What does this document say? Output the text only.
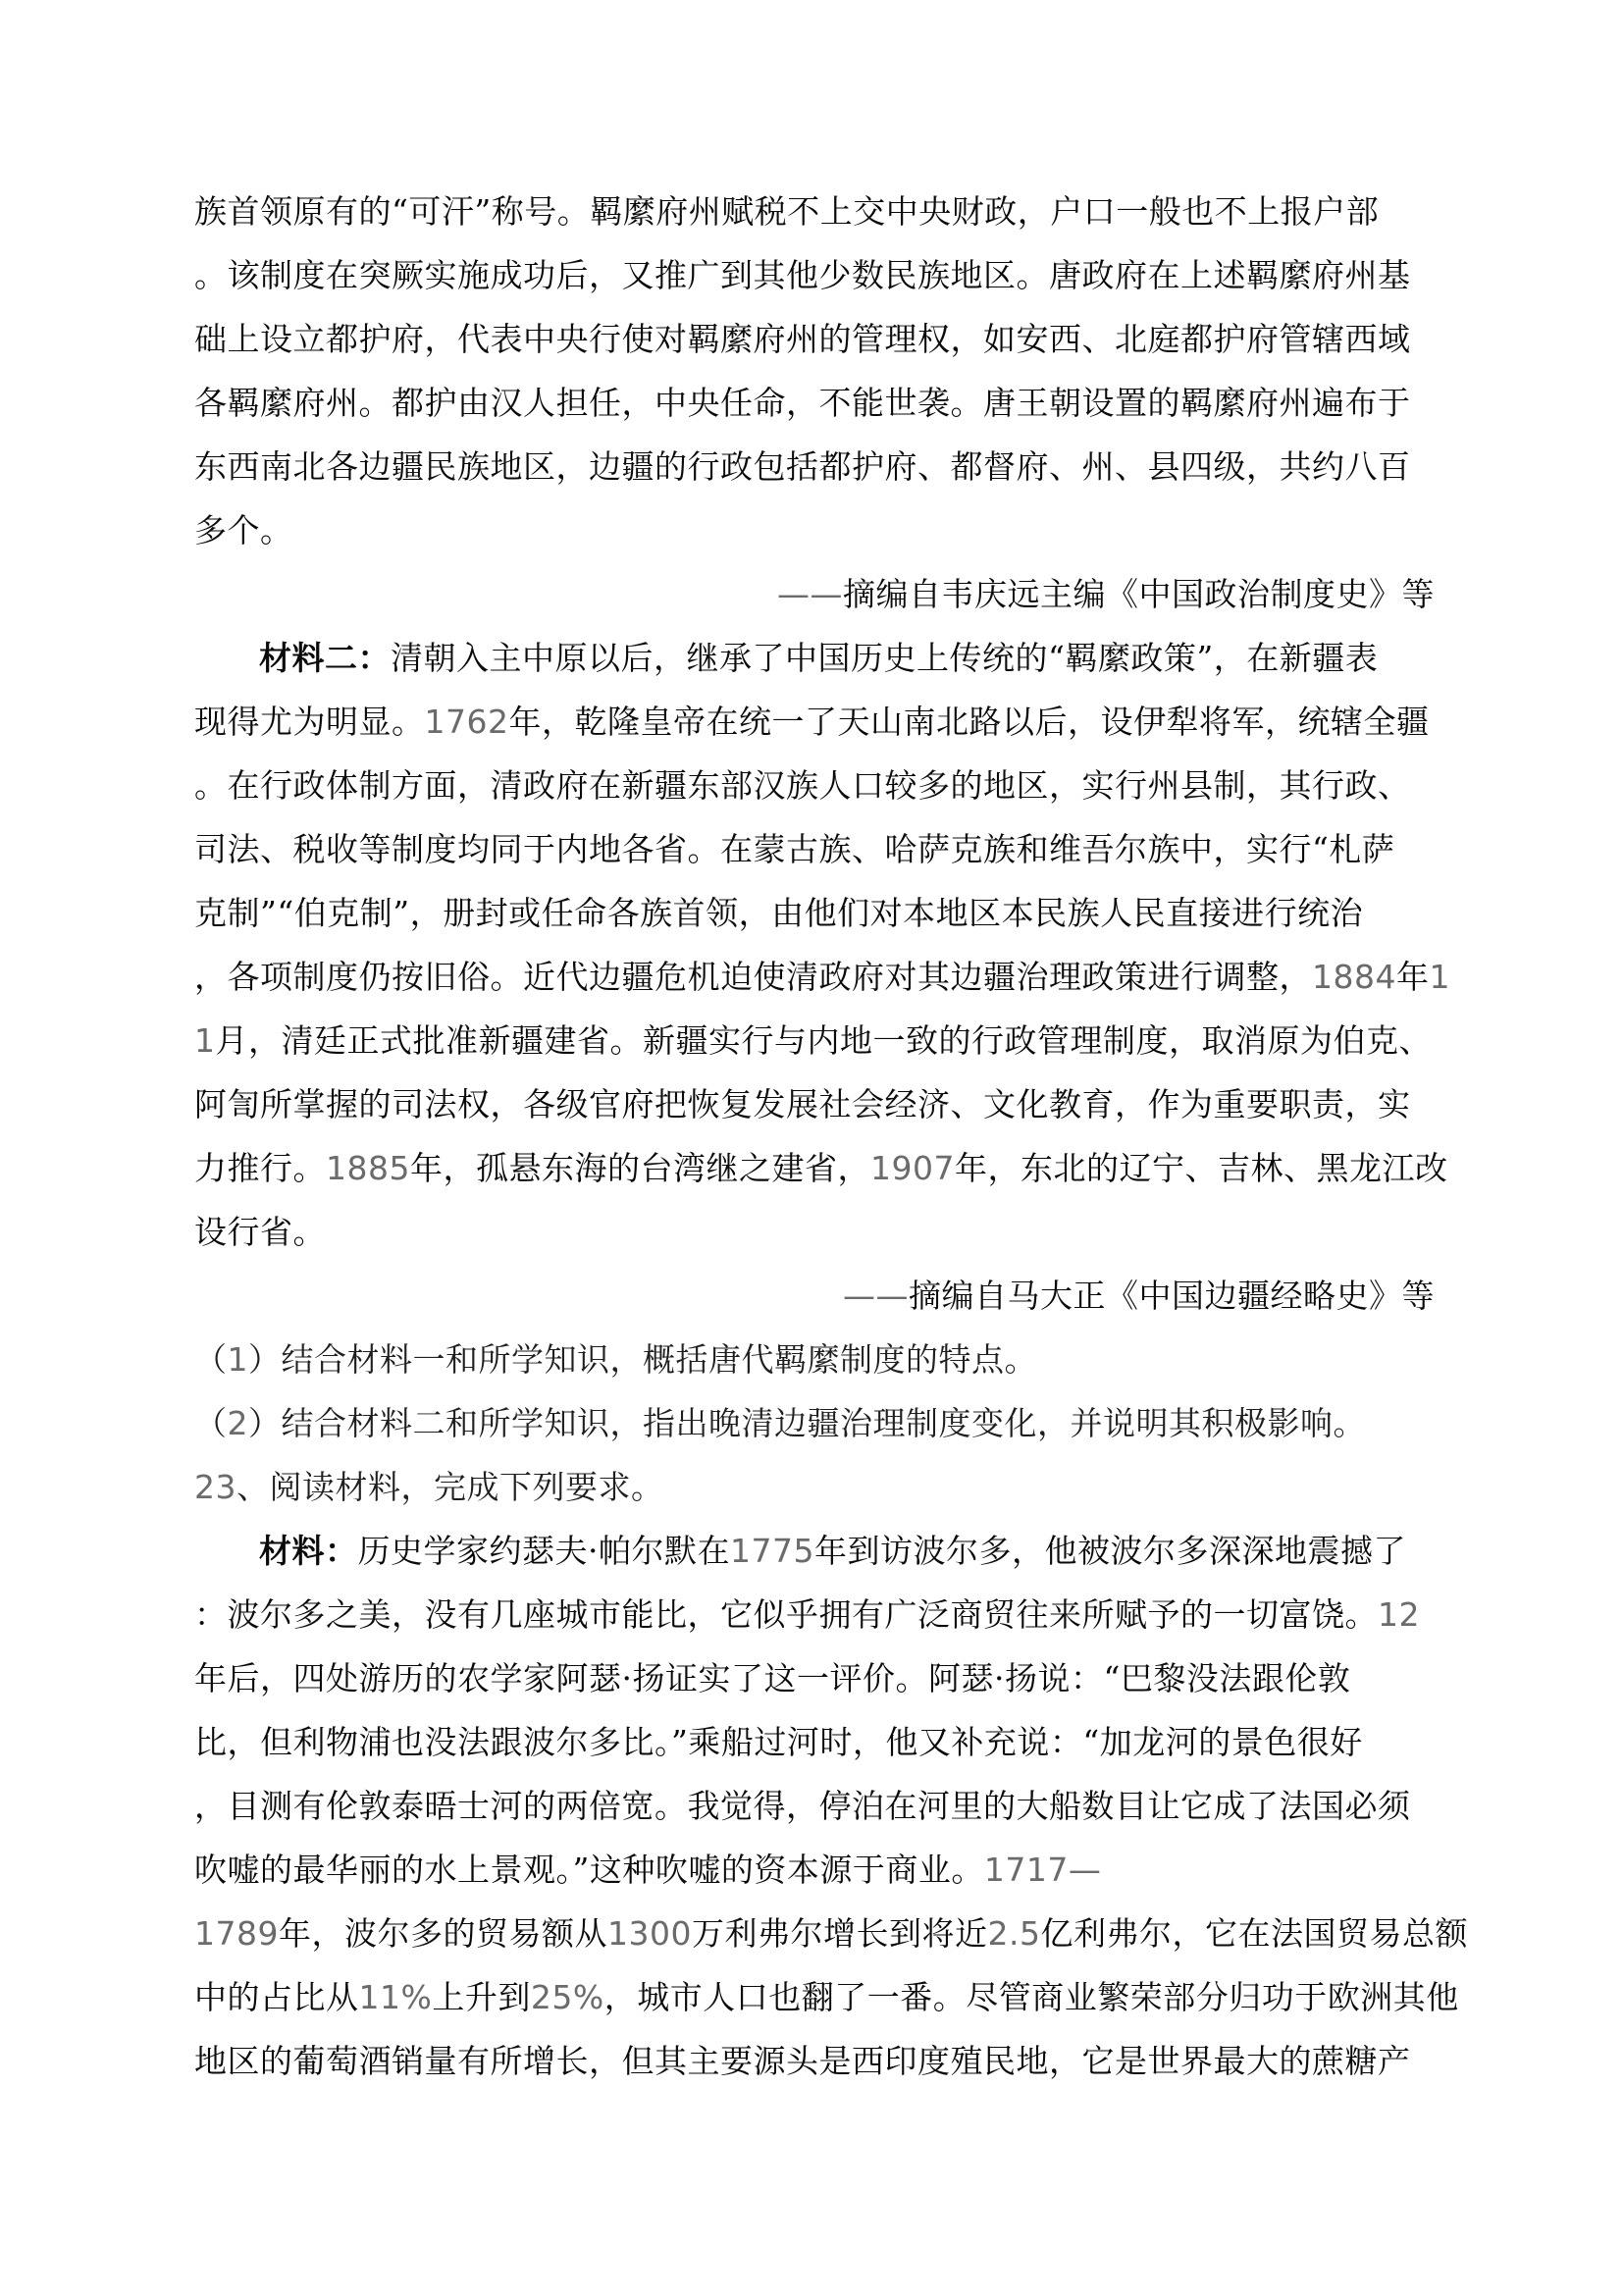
族首领原有的“可汗”称号。羁縻府州赋税不上交中央财政，户口一般也不上报户部
。该制度在突厥实施成功后，又推广到其他少数民族地区。唐政府在上述羁縻府州基
础上设立都护府，代表中央行使对羁縻府州的管理权，如安西、北庭都护府管辖西域
各羁縻府州。都护由汉人担任，中央任命，不能世袭。唐王朝设置的羁縻府州遍布于
东西南北各边疆民族地区，边疆的行政包括都护府、都督府、州、县四级，共约八百
多个。
——摘编自韦庆远主编《中国政治制度史》等
材料二：清朝入主中原以后，继承了中国历史上传统的“羁縻政策”，在新疆表
现得尤为明显。1762年，乾隆皇帝在统一了天山南北路以后，设伊犁将军，统辖全疆
。在行政体制方面，清政府在新疆东部汉族人口较多的地区，实行州县制，其行政、
司法、税收等制度均同于内地各省。在蒙古族、哈萨克族和维吾尔族中，实行“札萨
克制”“伯克制”，册封或任命各族首领，由他们对本地区本民族人民直接进行统治
，各项制度仍按旧俗。近代边疆危机迫使清政府对其边疆治理政策进行调整，1884年1
1月，清廷正式批准新疆建省。新疆实行与内地一致的行政管理制度，取消原为伯克、
阿訇所掌握的司法权，各级官府把恢复发展社会经济、文化教育，作为重要职责，实
力推行。1885年，孤悬东海的台湾继之建省，1907年，东北的辽宁、吉林、黑龙江改
设行省。
——摘编自马大正《中国边疆经略史》等
（1）结合材料一和所学知识，概括唐代羁縻制度的特点。
（2）结合材料二和所学知识，指出晚清边疆治理制度变化，并说明其积极影响。
23、阅读材料，完成下列要求。
材料：历史学家约瑟夫·帕尔默在1775年到访波尔多，他被波尔多深深地震撼了
：波尔多之美，没有几座城市能比，它似乎拥有广泛商贸往来所赋予的一切富饶。12
年后，四处游历的农学家阿瑟·扬证实了这一评价。阿瑟·扬说：“巴黎没法跟伦敦
比，但利物浦也没法跟波尔多比。”乘船过河时，他又补充说：“加龙河的景色很好
，目测有伦敦泰晤士河的两倍宽。我觉得，停泊在河里的大船数目让它成了法国必须
吹嘘的最华丽的水上景观。”这种吹嘘的资本源于商业。1717—
1789年，波尔多的贸易额从1300万利弗尔增长到将近2.5亿利弗尔，它在法国贸易总额
中的占比从11%上升到25%，城市人口也翻了一番。尽管商业繁荣部分归功于欧洲其他
地区的葡萄酒销量有所增长，但其主要源头是西印度殖民地，它是世界最大的蔗糖产
